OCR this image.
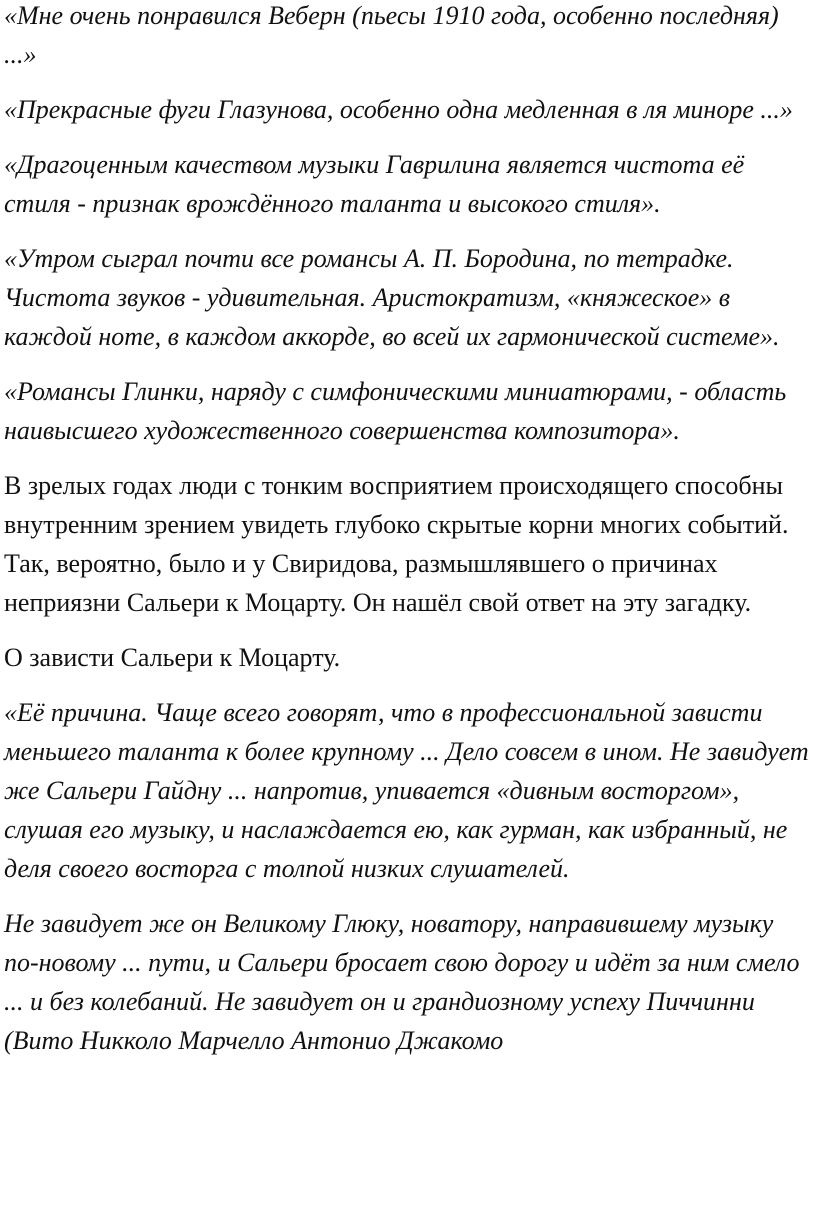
«Мне очень понравился Веберн (пьесы 1910 года, особенно последняя) ...»

«Прекрасные фуги Глазунова, особенно одна медленная в ля миноре ...»

«Драгоценным качеством музыки Гаврилина является чистота её стиля - признак врождённого таланта и высокого стиля».

«Утром сыграл почти все романсы А. П. Бородина, по тетрадке. Чистота звуков - удивительная. Аристократизм, «княжеское» в каждой ноте, в каждом аккорде, во всей их гармонической системе».

«Романсы Глинки, наряду с симфоническими миниатюрами, - область наивысшего художественного совершенства композитора».

В зрелых годах люди с тонким восприятием происходящего способны внутренним зрением увидеть глубоко скрытые корни многих событий. Так, вероятно, было и у Свиридова, размышлявшего о причинах неприязни Сальери к Моцарту. Он нашёл свой ответ на эту загадку.

О зависти Сальери к Моцарту.

«Её причина. Чаще всего говорят, что в профессиональной зависти меньшего таланта к более крупному ... Дело совсем в ином. Не завидует же Сальери Гайдну ... напротив, упивается «дивным восторгом», слушая его музыку, и наслаждается ею, как гурман, как избранный, не деля своего восторга с толпой низких слушателей.

Не завидует же он Великому Глюку, новатору, направившему музыку по-новому ... пути, и Сальери бросает свою дорогу и идёт за ним смело ... и без колебаний. Не завидует он и грандиозному успеху Пиччинни (Вито Никколо Марчелло Антонио Джакомо
